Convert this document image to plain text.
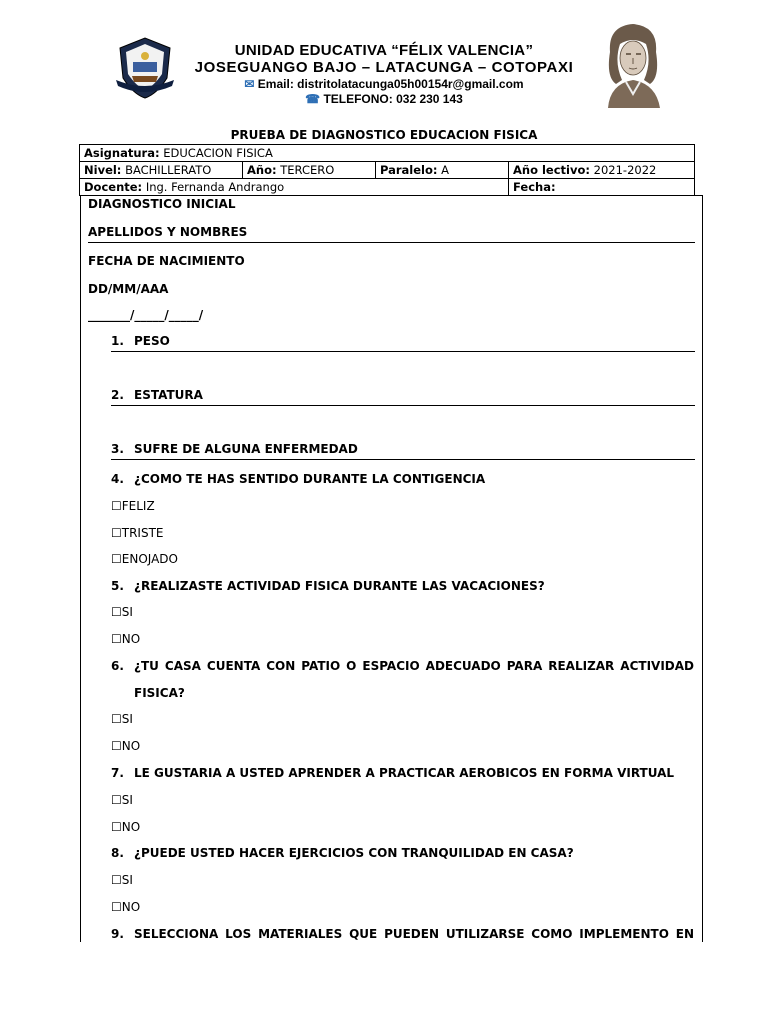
UNIDAD EDUCATIVA “FÉLIX VALENCIA”
JOSEGUANGO BAJO – LATACUNGA – COTOPAXI
✉ Email: distritolatacunga05h00154r@gmail.com
☎ TELEFONO: 032 230 143
PRUEBA DE DIAGNOSTICO EDUCACION FISICA
Asignatura: EDUCACION FISICA			
Nivel: BACHILLERATO	Año: TERCERO	Paralelo: A	Año lectivo: 2021-2022
Docente: Ing. Fernanda Andrango			Fecha:
DIAGNOSTICO INICIAL
APELLIDOS Y NOMBRES
FECHA DE NACIMIENTO
DD/MM/AAA
_______/_____/_____/
1. PESO
2. ESTATURA
3. SUFRE DE ALGUNA ENFERMEDAD
4. ¿COMO TE HAS SENTIDO DURANTE LA CONTIGENCIA
☐FELIZ
☐TRISTE
☐ENOJADO
5. ¿REALIZASTE ACTIVIDAD FISICA DURANTE LAS VACACIONES?
☐SI
☐NO
6. ¿TU CASA CUENTA CON PATIO O ESPACIO ADECUADO PARA REALIZAR ACTIVIDAD
FISICA?
☐SI
☐NO
7. LE GUSTARIA A USTED APRENDER A PRACTICAR AEROBICOS EN FORMA VIRTUAL
☐SI
☐NO
8. ¿PUEDE USTED HACER EJERCICIOS CON TRANQUILIDAD EN CASA?
☐SI
☐NO
9. SELECCIONA LOS MATERIALES QUE PUEDEN UTILIZARSE COMO IMPLEMENTO EN
